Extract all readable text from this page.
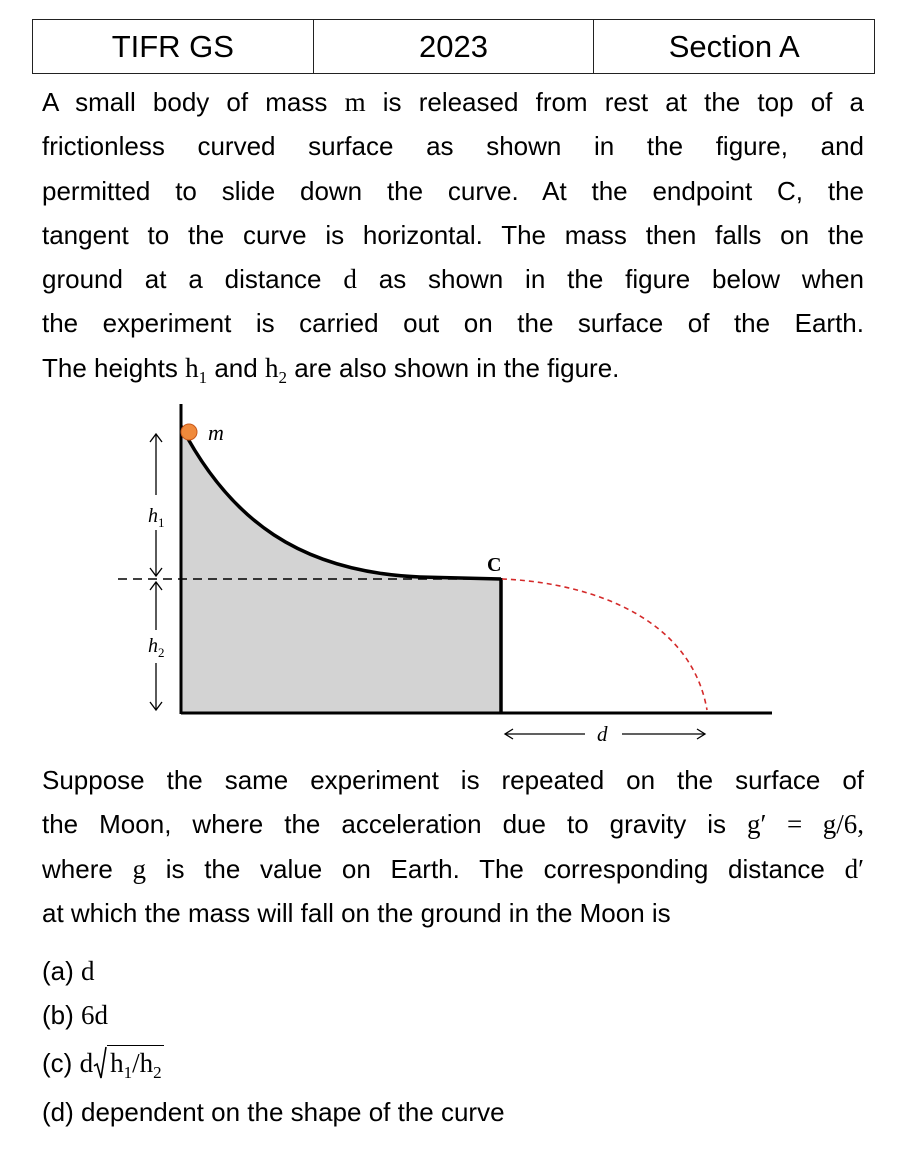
TIFR GS	2023	Section A
A small body of mass m is released from rest at the top of a
frictionless curved surface as shown in the figure, and
permitted to slide down the curve. At the endpoint C, the
tangent to the curve is horizontal. The mass then falls on the
ground at a distance d as shown in the figure below when
the experiment is carried out on the surface of the Earth.
The heights $h_1$ and $h_2$ are also shown in the figure.
m
C
$h_1$
$h_2$
d
Suppose the same experiment is repeated on the surface of
the Moon, where the acceleration due to gravity is g′ = g/6,
where g is the value on Earth. The corresponding distance d′
at which the mass will fall on the ground in the Moon is
(a) d
(b) 6d
(c) d $h_1/h_2$
(d) dependent on the shape of the curve
